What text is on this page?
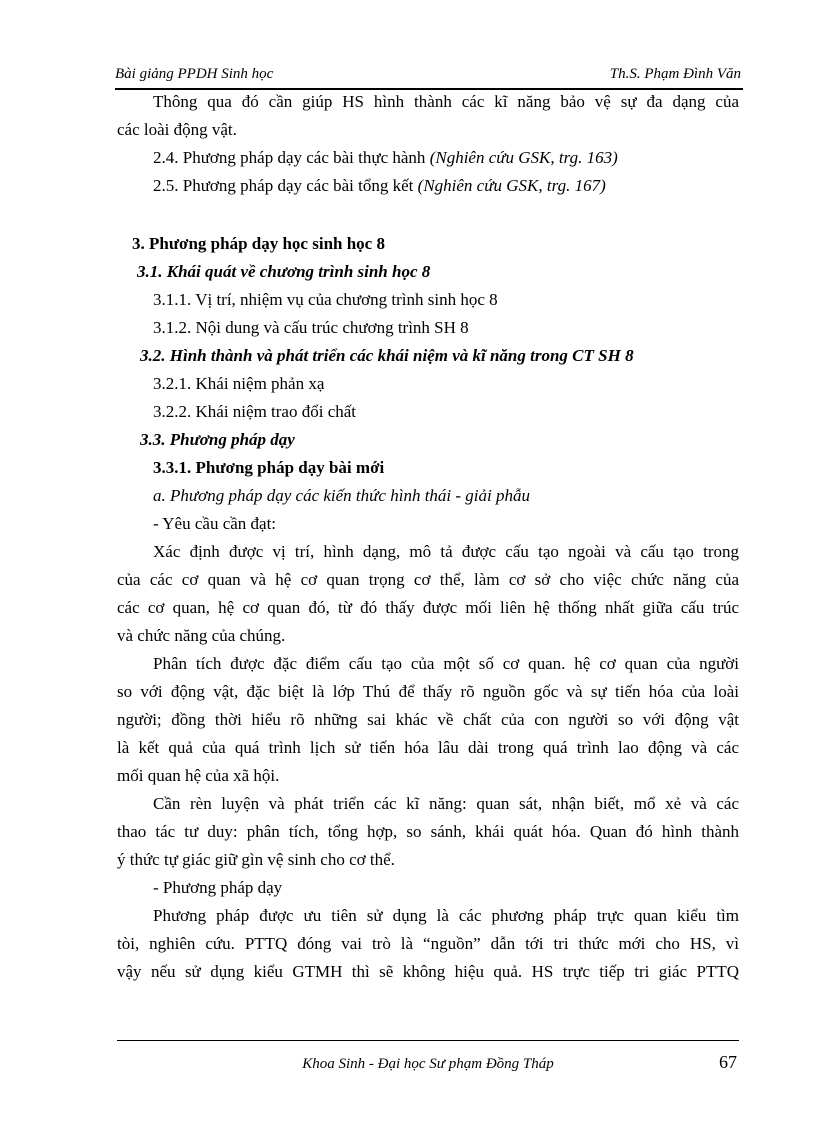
Bài giảng PPDH Sinh học	Th.S. Phạm Đình Văn
Thông qua đó cần giúp HS hình thành các kĩ năng bảo vệ sự đa dạng của
các loài động vật.
2.4. Phương pháp dạy các bài thực hành (Nghiên cứu GSK, trg. 163)
2.5. Phương pháp dạy các bài tổng kết (Nghiên cứu GSK, trg. 167)
3. Phương pháp dạy học sinh học 8
3.1. Khái quát về chương trình sinh học 8
3.1.1. Vị trí, nhiệm vụ của chương trình sinh học 8
3.1.2. Nội dung và cấu trúc chương trình SH 8
3.2. Hình thành và phát triển các khái niệm và kĩ năng trong CT SH 8
3.2.1. Khái niệm phản xạ
3.2.2. Khái niệm trao đổi chất
3.3. Phương pháp dạy
3.3.1. Phương pháp dạy bài mới
a. Phương pháp dạy các kiến thức hình thái - giải phẫu
- Yêu cầu cần đạt:
Xác định được vị trí, hình dạng, mô tả được cấu tạo ngoài và cấu tạo trong
của các cơ quan và hệ cơ quan trọng cơ thể, làm cơ sở cho việc chức năng của
các cơ quan, hệ cơ quan đó, từ đó thấy được mối liên hệ thống nhất giữa cấu trúc
và chức năng của chúng.
Phân tích được đặc điểm cấu tạo của một số cơ quan. hệ cơ quan của người
so với động vật, đặc biệt là lớp Thú để thấy rõ nguồn gốc và sự tiến hóa của loài
người; đồng thời hiểu rõ những sai khác về chất của con người so với động vật
là kết quả của quá trình lịch sử tiến hóa lâu dài trong quá trình lao động và các
mối quan hệ của xã hội.
Cần rèn luyện và phát triển các kĩ năng: quan sát, nhận biết, mổ xẻ và các
thao tác tư duy: phân tích, tổng hợp, so sánh, khái quát hóa. Quan đó hình thành
ý thức tự giác giữ gìn vệ sinh cho cơ thể.
- Phương pháp dạy
Phương pháp được ưu tiên sử dụng là các phương pháp trực quan kiểu tìm
tòi, nghiên cứu. PTTQ đóng vai trò là “nguồn” dẫn tới tri thức mới cho HS, vì
vậy nếu sử dụng kiểu GTMH thì sẽ không hiệu quả. HS trực tiếp tri giác PTTQ
Khoa Sinh - Đại học Sư phạm Đồng Tháp	67
